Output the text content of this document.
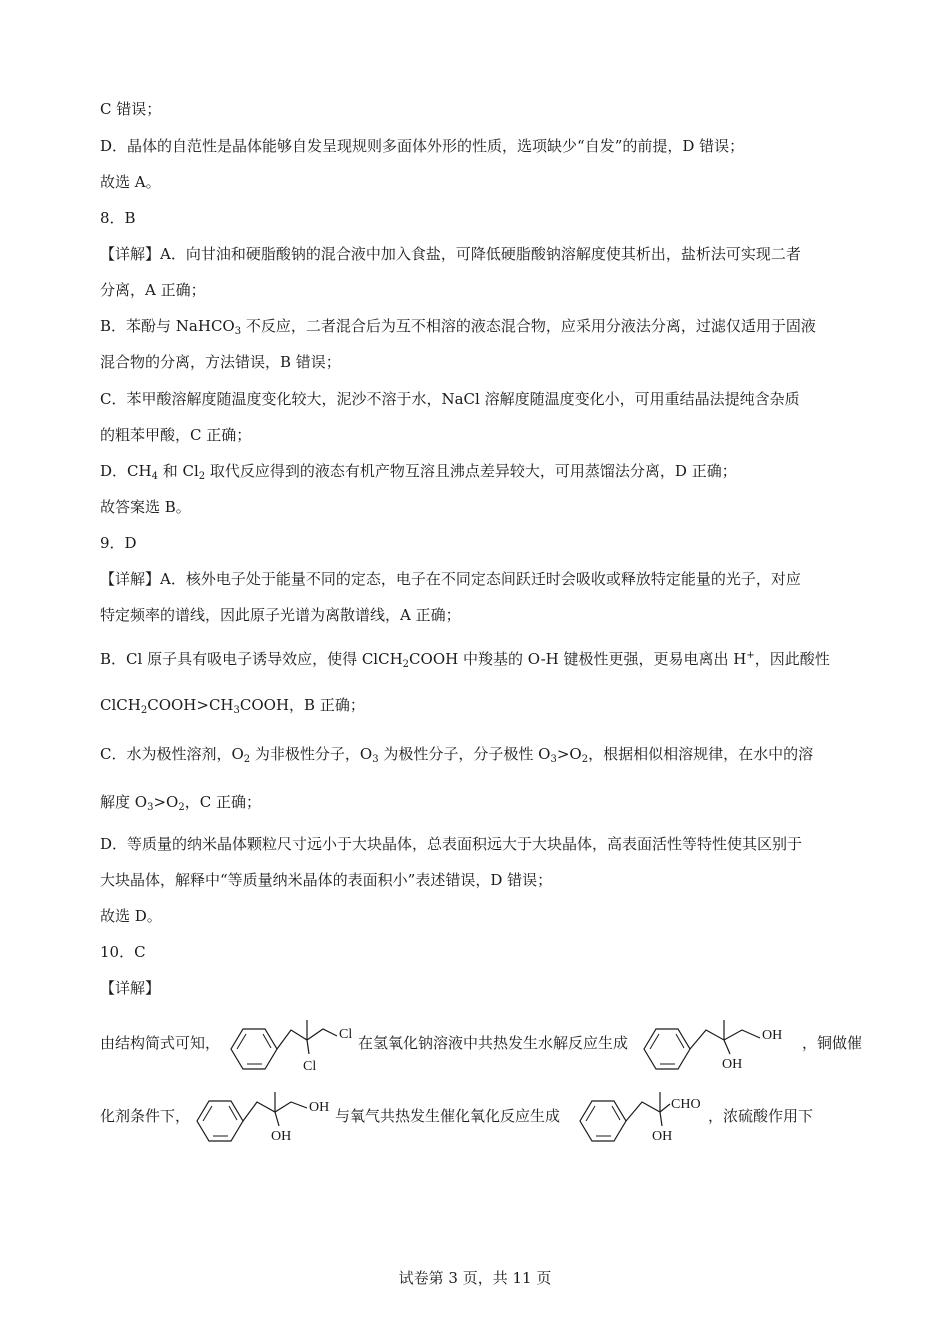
C 错误；
D．晶体的自范性是晶体能够自发呈现规则多面体外形的性质，选项缺少“自发”的前提，D 错误；
故选 A。
8．B
【详解】A．向甘油和硬脂酸钠的混合液中加入食盐，可降低硬脂酸钠溶解度使其析出，盐析法可实现二者
分离，A 正确；
B．苯酚与 NaHCO$_3$ 不反应，二者混合后为互不相溶的液态混合物，应采用分液法分离，过滤仅适用于固液
混合物的分离，方法错误，B 错误；
C．苯甲酸溶解度随温度变化较大，泥沙不溶于水，NaCl 溶解度随温度变化小，可用重结晶法提纯含杂质
的粗苯甲酸，C 正确；
D．$CH_4$ 和 $Cl_2$ 取代反应得到的液态有机产物互溶且沸点差异较大，可用蒸馏法分离，D 正确；
故答案选 B。
9．D
【详解】A．核外电子处于能量不同的定态，电子在不同定态间跃迁时会吸收或释放特定能量的光子，对应
特定频率的谱线，因此原子光谱为离散谱线，A 正确；
B．Cl 原子具有吸电子诱导效应，使得 ClCH$_2$COOH 中羧基的 O-H 键极性更强，更易电离出 H+，因此酸性
$ClCH_2COOH>CH_3COOH$，B 正确；
C．水为极性溶剂，$O_2$ 为非极性分子，$O_3$ 为极性分子，分子极性 $O_3>O_2$，根据相似相溶规律，在水中的溶
解度 $O_3>O_2$，C 正确；
D．等质量的纳米晶体颗粒尺寸远小于大块晶体，总表面积远大于大块晶体，高表面活性等特性使其区别于
大块晶体，解释中“等质量纳米晶体的表面积小”表述错误，D 错误；
故选 D。
10．C
【详解】
由结构简式可知，	在氢氧化钠溶液中共热发生水解反应生成	，铜做催
化剂条件下，	与氧气共热发生催化氧化反应生成	，浓硫酸作用下
Cl
Cl
OH
OH
OH
OH
CHO
OH
试卷第 3 页，共 11 页
